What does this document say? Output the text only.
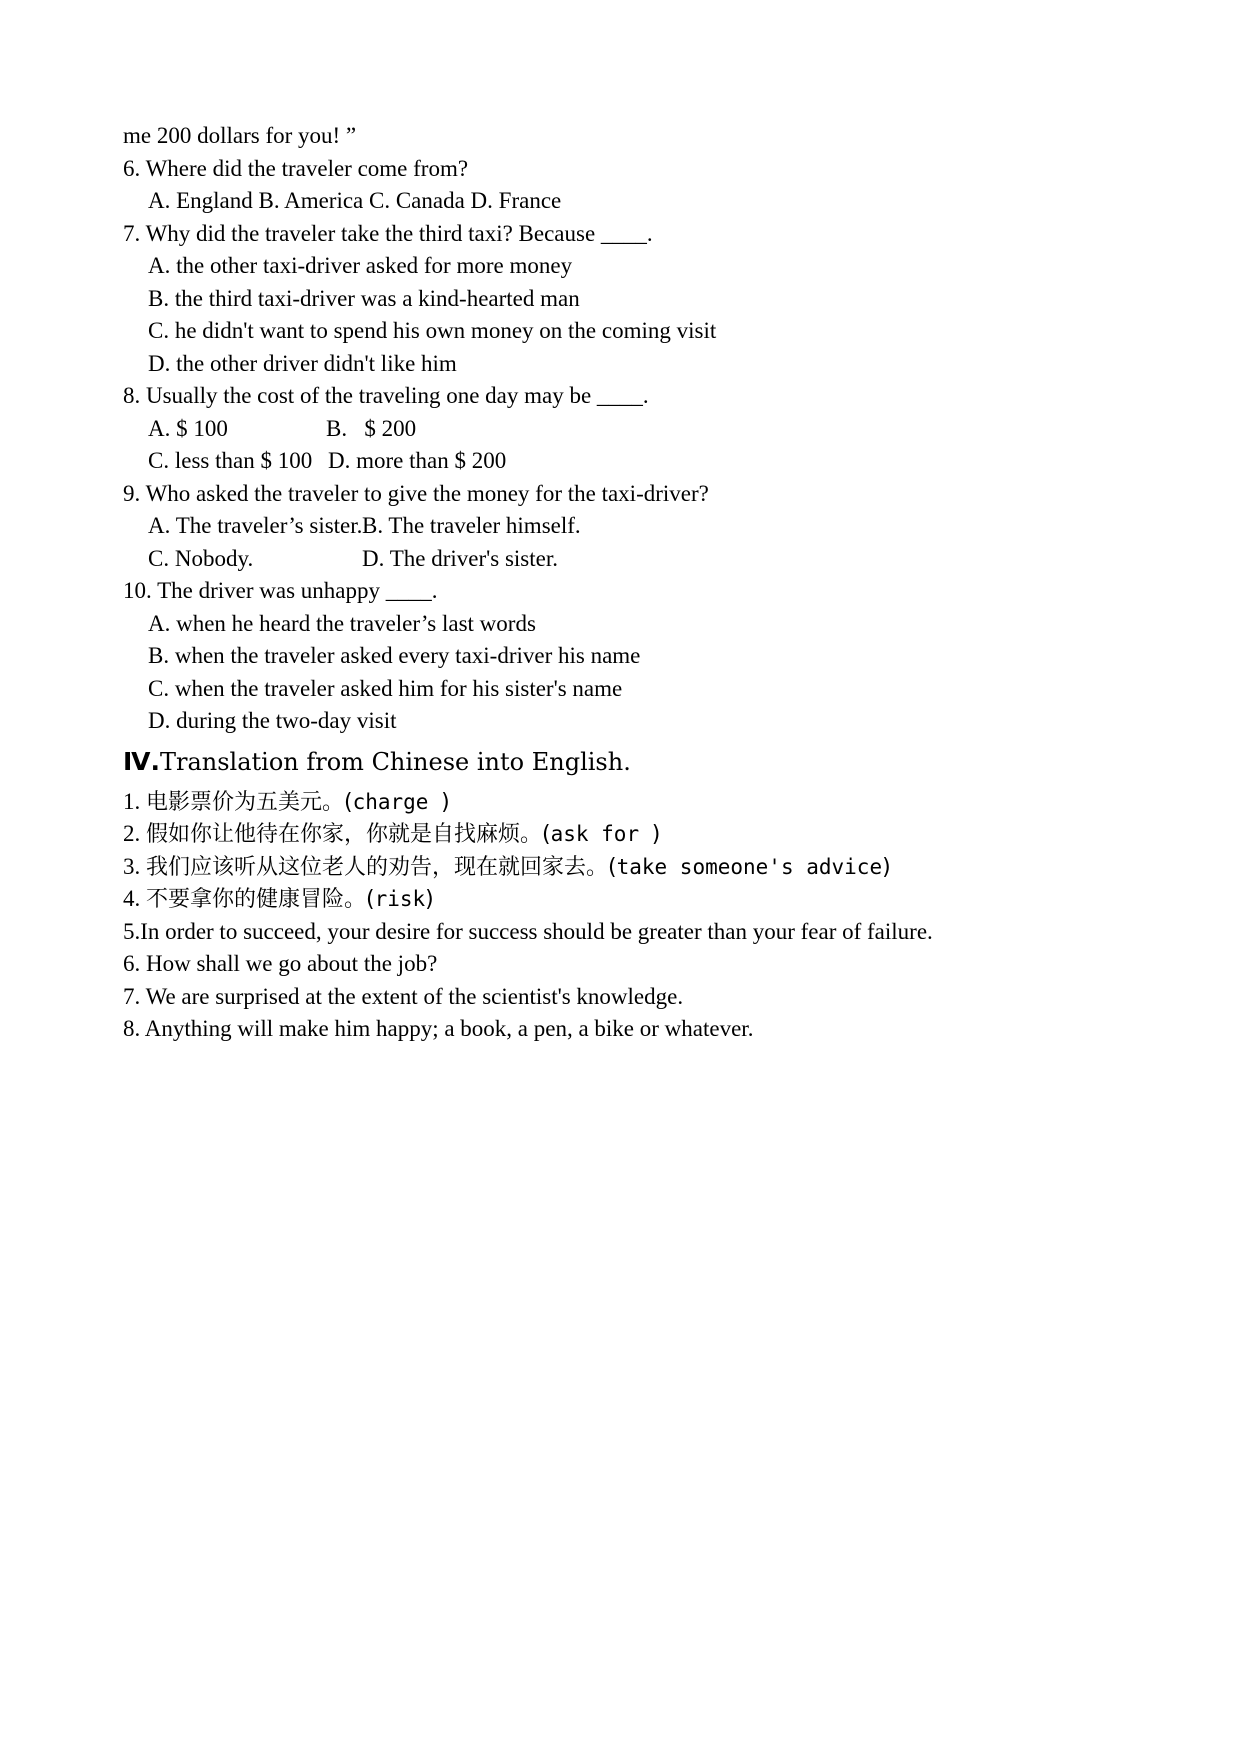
me 200 dollars for you! ”
6. Where did the traveler come from?
A. England B. America C. Canada D. France
7. Why did the traveler take the third taxi? Because ____.
A. the other taxi-driver asked for more money
B. the third taxi-driver was a kind-hearted man
C. he didn't want to spend his own money on the coming visit
D. the other driver didn't like him
8. Usually the cost of the traveling one day may be ____.
A. $ 100	B.   $ 200
C. less than $ 100 D. more than $ 200
9. Who asked the traveler to give the money for the taxi-driver?
A. The traveler’s sister.B. The traveler himself.
C. Nobody.	D. The driver's sister.
10. The driver was unhappy ____.
A. when he heard the traveler’s last words
B. when the traveler asked every taxi-driver his name
C. when the traveler asked him for his sister's name
D. during the two-day visit
Ⅳ.Translation from Chinese into English.
1. 电影票价为五美元。(charge )
2. 假如你让他待在你家，你就是自找麻烦。(ask for )
3. 我们应该听从这位老人的劝告，现在就回家去。(take someone's advice)
4. 不要拿你的健康冒险。(risk)
5.In order to succeed, your desire for success should be greater than your fear of failure.
6. How shall we go about the job?
7. We are surprised at the extent of the scientist's knowledge.
8. Anything will make him happy; a book, a pen, a bike or whatever.
